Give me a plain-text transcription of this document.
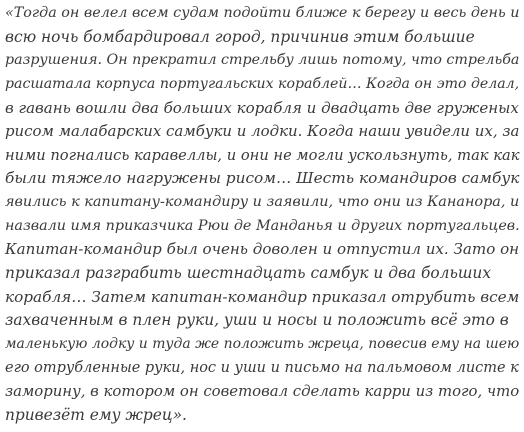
«Тогда он велел всем судам подойти ближе к берегу и весь день и
всю ночь бомбардировал город, причинив этим большие
разрушения. Он прекратил стрельбу лишь потому, что стрельба
расшатала корпуса португальских кораблей… Когда он это делал,
в гавань вошли два больших корабля и двадцать две груженых
рисом малабарских самбуки и лодки. Когда наши увидели их, за
ними погнались каравеллы, и они не могли ускользнуть, так как
были тяжело нагружены рисом… Шесть командиров самбук
явились к капитану-командиру и заявили, что они из Кананора, и
назвали имя приказчика Рюи де Манданья и других португальцев.
Капитан-командир был очень доволен и отпустил их. Зато он
приказал разграбить шестнадцать самбук и два больших
корабля… Затем капитан-командир приказал отрубить всем
захваченным в плен руки, уши и носы и положить всё это в
маленькую лодку и туда же положить жреца, повесив ему на шею
его отрубленные руки, нос и уши и письмо на пальмовом листе к
заморину, в котором он советовал сделать карри из того, что
привезёт ему жрец».
